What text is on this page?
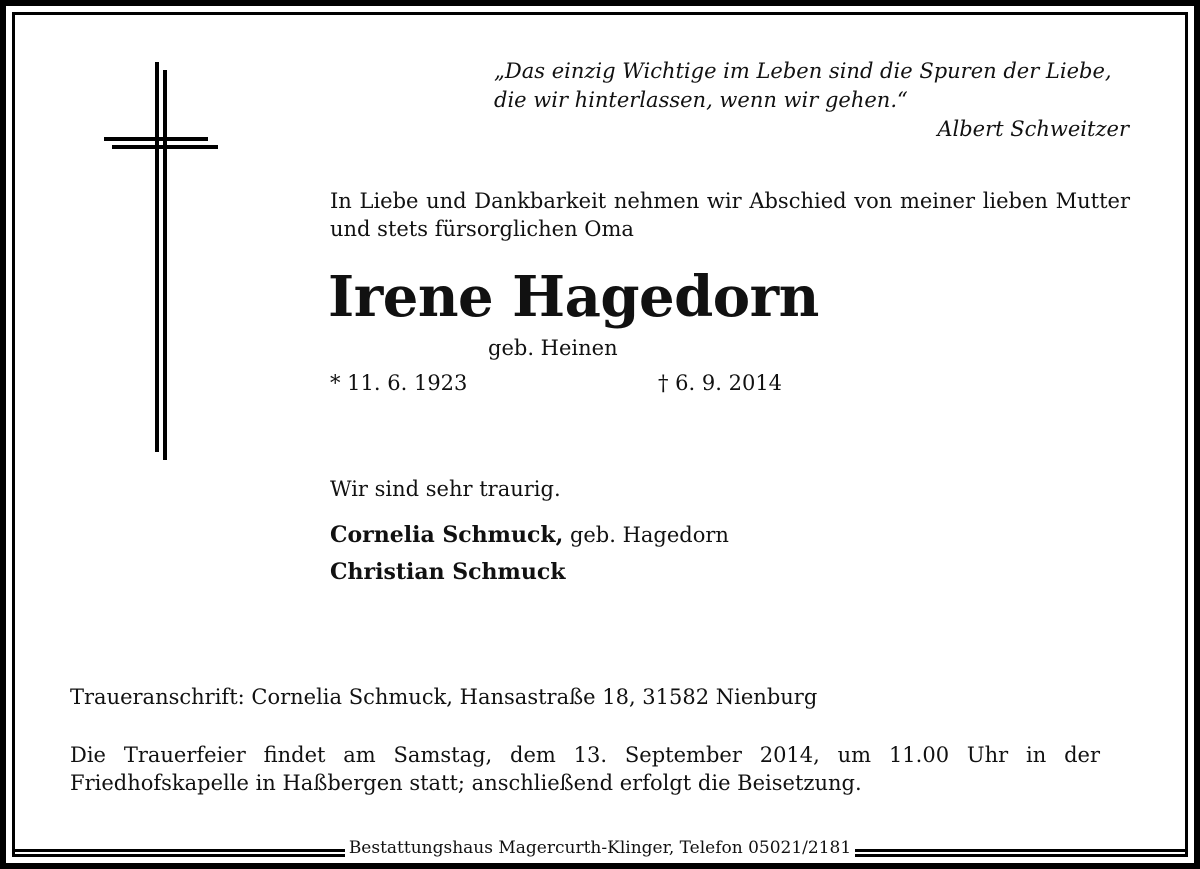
„Das einzig Wichtige im Leben sind die Spuren der Liebe,
die wir hinterlassen, wenn wir gehen.“
Albert Schweitzer
In Liebe und Dankbarkeit nehmen wir Abschied von meiner lieben Mutter und stets fürsorglichen Oma
Irene Hagedorn
geb. Heinen
* 11. 6. 1923	† 6. 9. 2014
Wir sind sehr traurig.
Cornelia Schmuck, geb. Hagedorn
Christian Schmuck
Traueranschrift: Cornelia Schmuck, Hansastraße 18, 31582 Nienburg
Die Trauerfeier findet am Samstag, dem 13. September 2014, um 11.00 Uhr in der Friedhofskapelle in Haßbergen statt; anschließend erfolgt die Beisetzung.
Bestattungshaus Magercurth-Klinger, Telefon 05021/2181
